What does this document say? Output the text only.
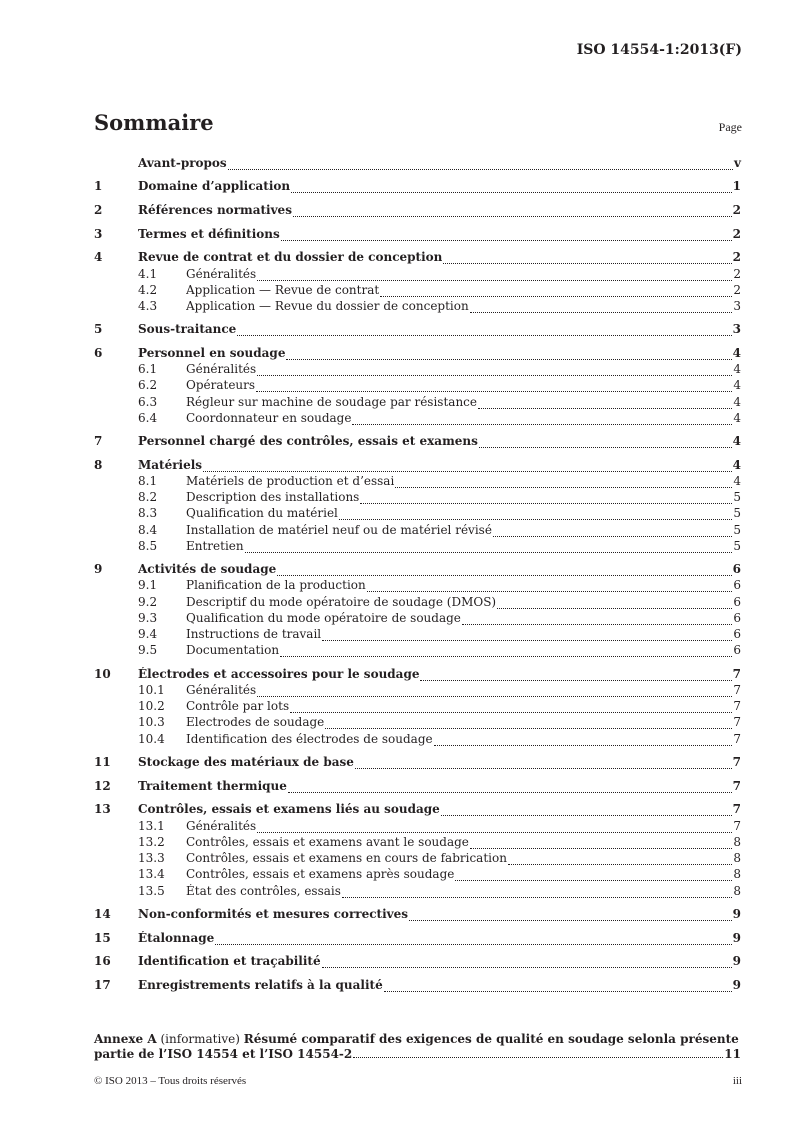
ISO 14554-1:2013(F)
Sommaire	Page
Avant-propos	v
1	Domaine d’application	1
2	Références normatives	2
3	Termes et définitions	2
4	Revue de contrat et du dossier de conception	2
4.1	Généralités	2
4.2	Application — Revue de contrat	2
4.3	Application — Revue du dossier de conception	3
5	Sous-traitance	3
6	Personnel en soudage	4
6.1	Généralités	4
6.2	Opérateurs	4
6.3	Régleur sur machine de soudage par résistance	4
6.4	Coordonnateur en soudage	4
7	Personnel chargé des contrôles, essais et examens	4
8	Matériels	4
8.1	Matériels de production et d’essai	4
8.2	Description des installations	5
8.3	Qualification du matériel	5
8.4	Installation de matériel neuf ou de matériel révisé	5
8.5	Entretien	5
9	Activités de soudage	6
9.1	Planification de la production	6
9.2	Descriptif du mode opératoire de soudage (DMOS)	6
9.3	Qualification du mode opératoire de soudage	6
9.4	Instructions de travail	6
9.5	Documentation	6
10	Électrodes et accessoires pour le soudage	7
10.1	Généralités	7
10.2	Contrôle par lots	7
10.3	Electrodes de soudage	7
10.4	Identification des électrodes de soudage	7
11	Stockage des matériaux de base	7
12	Traitement thermique	7
13	Contrôles, essais et examens liés au soudage	7
13.1	Généralités	7
13.2	Contrôles, essais et examens avant le soudage	8
13.3	Contrôles, essais et examens en cours de fabrication	8
13.4	Contrôles, essais et examens après soudage	8
13.5	État des contrôles, essais	8
14	Non-conformités et mesures correctives	9
15	Étalonnage	9
16	Identification et traçabilité	9
17	Enregistrements relatifs à la qualité	9
Annexe A (informative) Résumé comparatif des exigences de qualité en soudage selonla présente
partie de l’ISO 14554 et l’ISO 14554-2	11
© ISO 2013 – Tous droits réservés	iii
